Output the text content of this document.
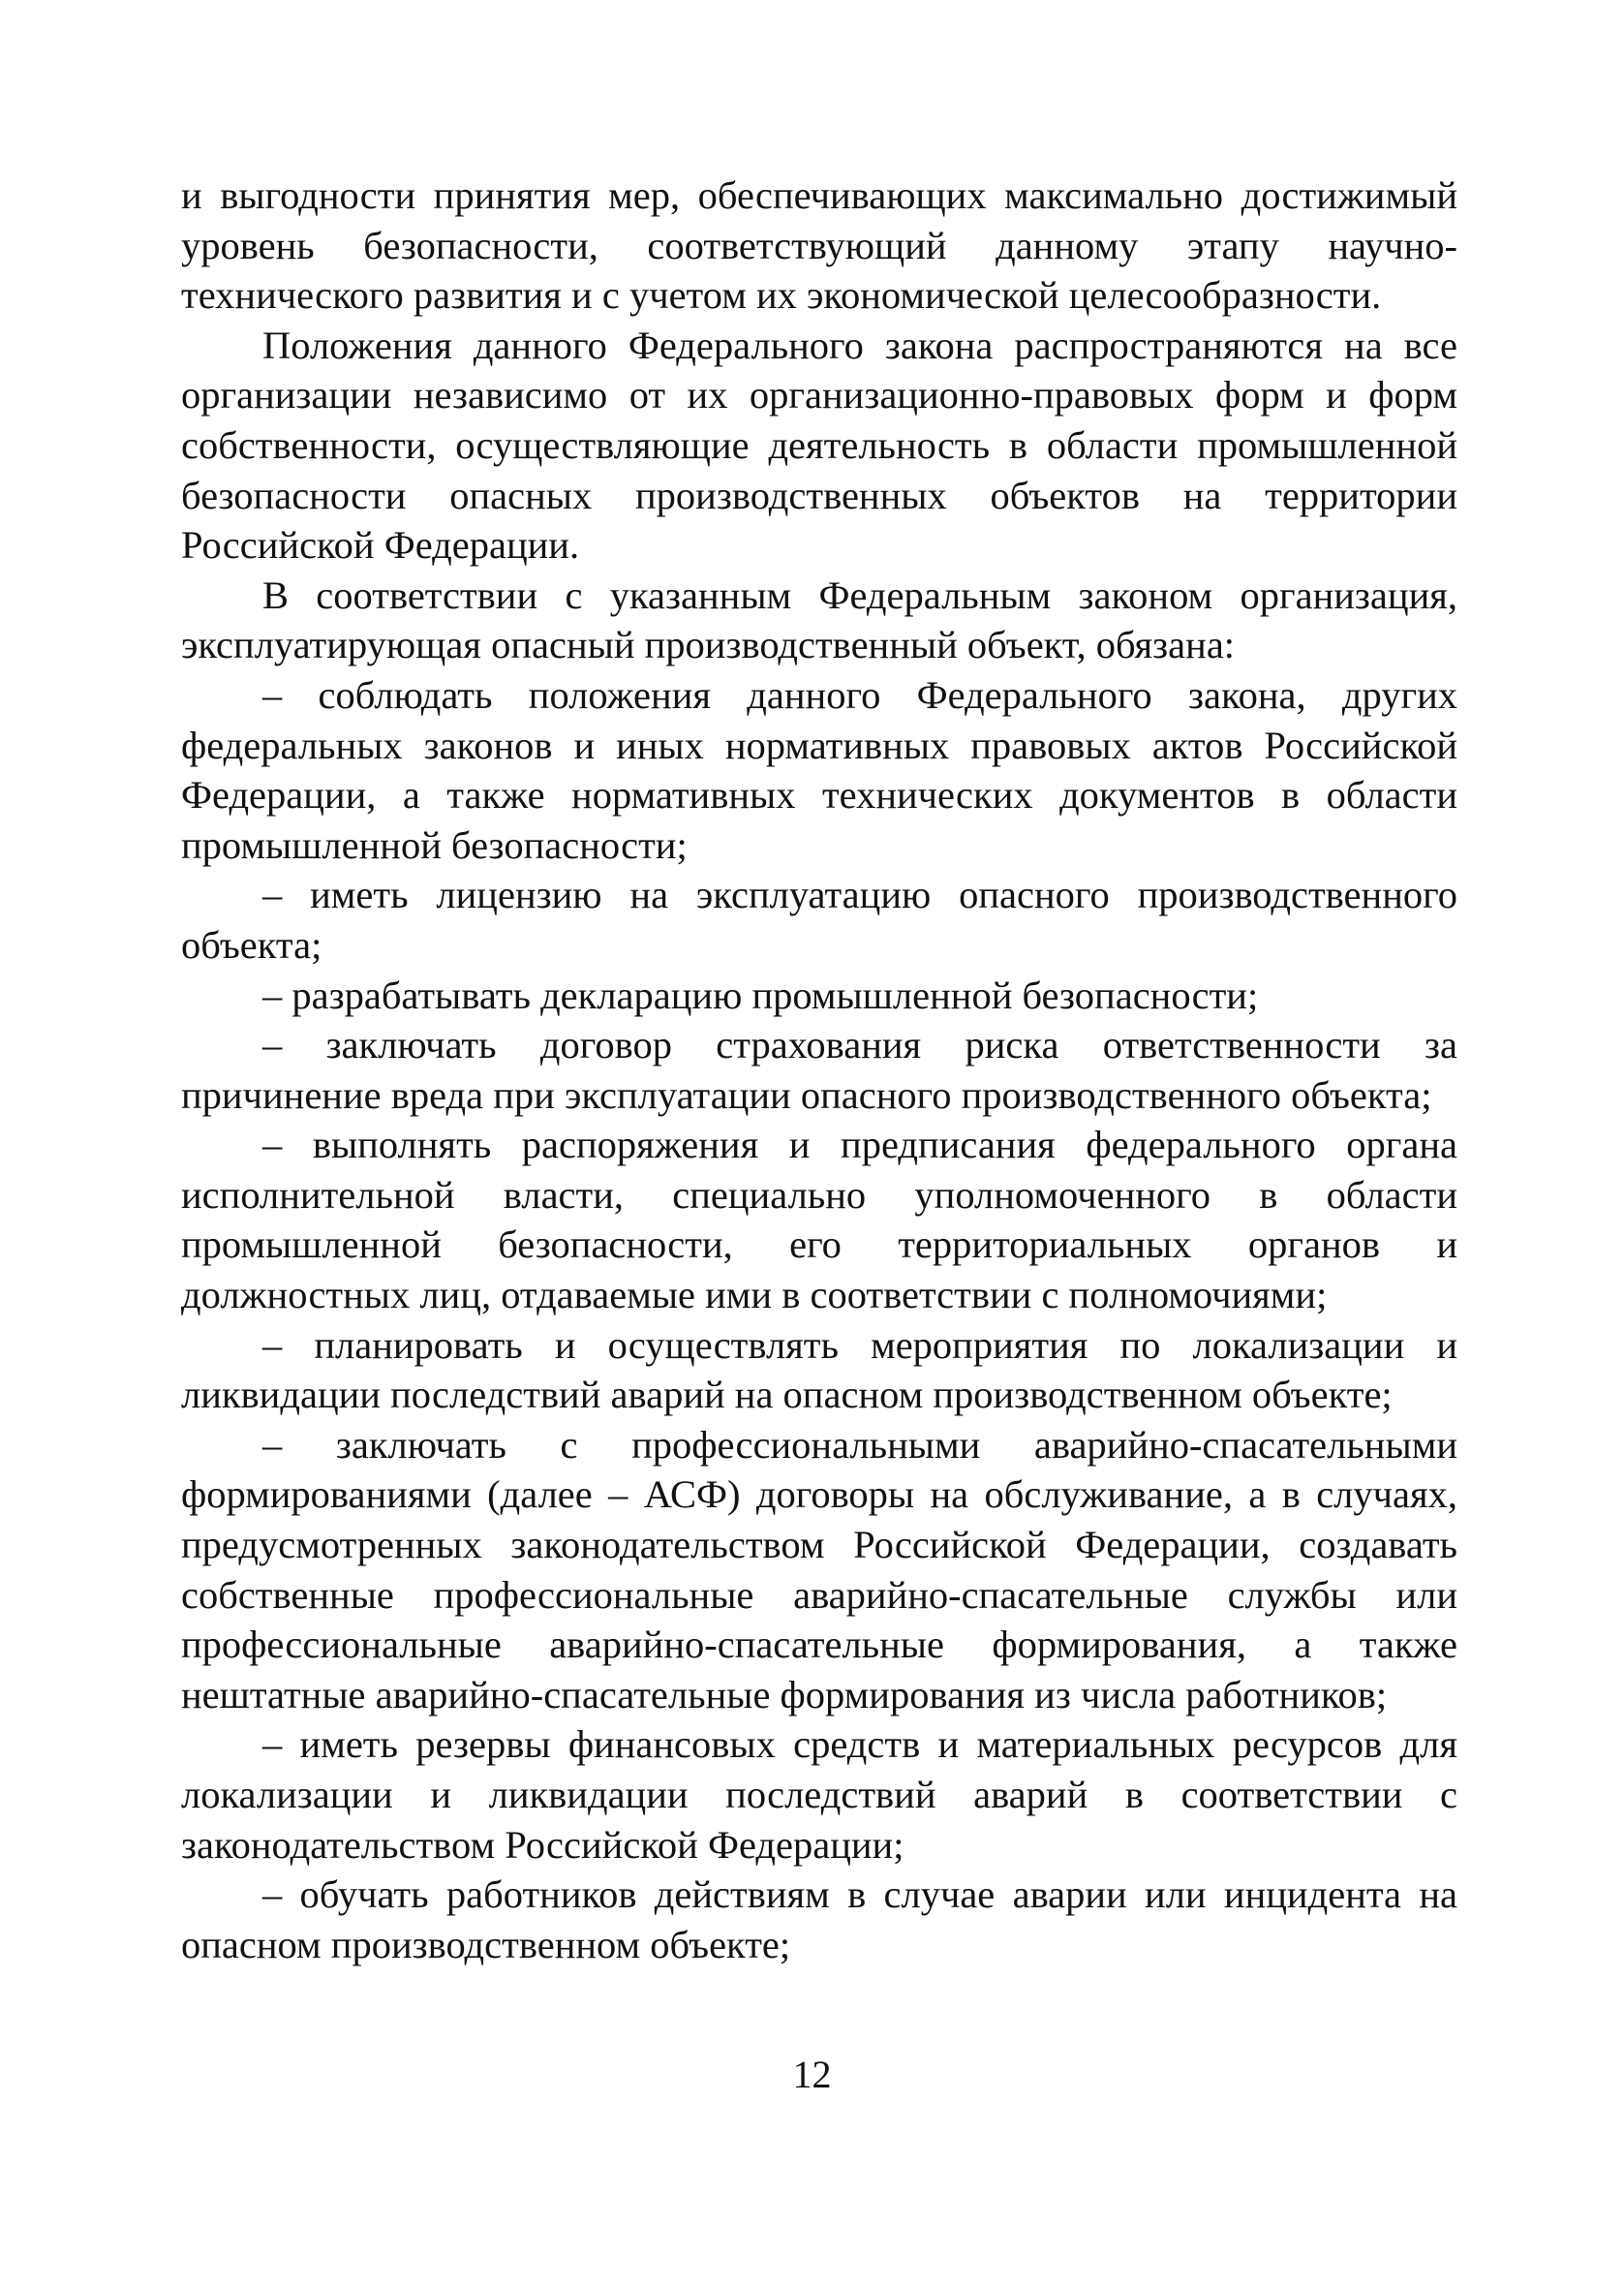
и выгодности принятия мер, обеспечивающих максимально достижимый уровень безопасности, соответствующий данному этапу научно-технического развития и с учетом их экономической целесообразности.

Положения данного Федерального закона распространяются на все организации независимо от их организационно-правовых форм и форм собственности, осуществляющие деятельность в области промышленной безопасности опасных производственных объектов на территории Российской Федерации.

В соответствии с указанным Федеральным законом организация, эксплуатирующая опасный производственный объект, обязана:

– соблюдать положения данного Федерального закона, других федеральных законов и иных нормативных правовых актов Российской Федерации, а также нормативных технических документов в области промышленной безопасности;

– иметь лицензию на эксплуатацию опасного производственного объекта;

– разрабатывать декларацию промышленной безопасности;

– заключать договор страхования риска ответственности за причинение вреда при эксплуатации опасного производственного объекта;

– выполнять распоряжения и предписания федерального органа исполнительной власти, специально уполномоченного в области промышленной безопасности, его территориальных органов и должностных лиц, отдаваемые ими в соответствии с полномочиями;

– планировать и осуществлять мероприятия по локализации и ликвидации последствий аварий на опасном производственном объекте;

– заключать с профессиональными аварийно-спасательными формированиями (далее – АСФ) договоры на обслуживание, а в случаях, предусмотренных законодательством Российской Федерации, создавать собственные профессиональные аварийно-спасательные службы или профессиональные аварийно-спасательные формирования, а также нештатные аварийно-спасательные формирования из числа работников;

– иметь резервы финансовых средств и материальных ресурсов для локализации и ликвидации последствий аварий в соответствии с законодательством Российской Федерации;

– обучать работников действиям в случае аварии или инцидента на опасном производственном объекте;

12
